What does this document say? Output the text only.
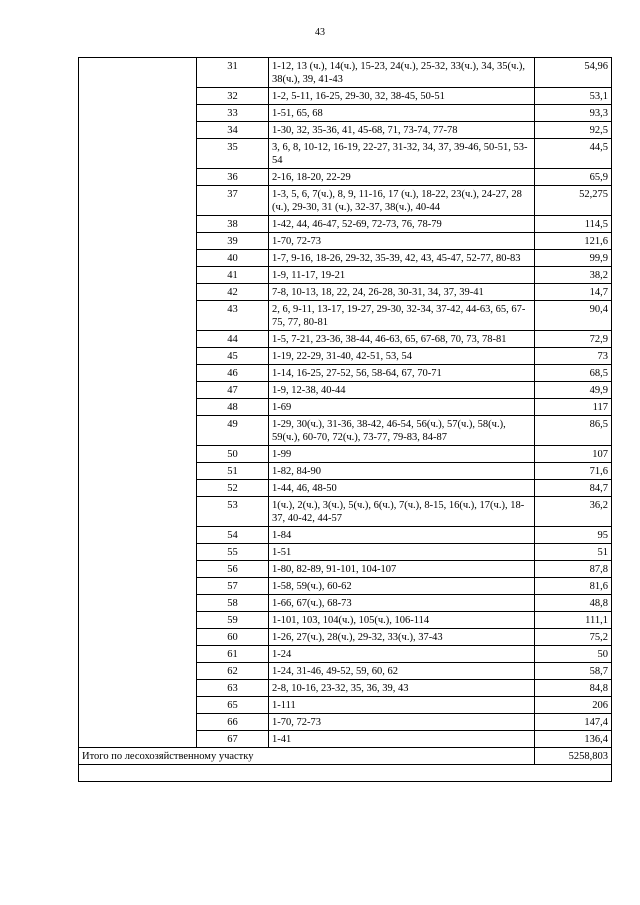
43
	31	1-12, 13 (ч.), 14(ч.), 15-23, 24(ч.), 25-32, 33(ч.), 34, 35(ч.), 38(ч.), 39, 41-43	54,96
	32	1-2, 5-11, 16-25, 29-30, 32, 38-45, 50-51	53,1
	33	1-51, 65, 68	93,3
	34	1-30, 32, 35-36, 41, 45-68, 71, 73-74, 77-78	92,5
	35	3, 6, 8, 10-12, 16-19, 22-27, 31-32, 34, 37, 39-46, 50-51, 53-54	44,5
	36	2-16, 18-20, 22-29	65,9
	37	1-3, 5, 6, 7(ч.), 8, 9, 11-16, 17 (ч.), 18-22, 23(ч.), 24-27, 28 (ч.), 29-30, 31 (ч.), 32-37, 38(ч.), 40-44	52,275
	38	1-42, 44, 46-47, 52-69, 72-73, 76, 78-79	114,5
	39	1-70, 72-73	121,6
	40	1-7, 9-16, 18-26, 29-32, 35-39, 42, 43, 45-47, 52-77, 80-83	99,9
	41	1-9, 11-17, 19-21	38,2
	42	7-8, 10-13, 18, 22, 24, 26-28, 30-31, 34, 37, 39-41	14,7
	43	2, 6, 9-11, 13-17, 19-27, 29-30, 32-34, 37-42, 44-63, 65, 67-75, 77, 80-81	90,4
	44	1-5, 7-21, 23-36, 38-44, 46-63, 65, 67-68, 70, 73, 78-81	72,9
	45	1-19, 22-29, 31-40, 42-51, 53, 54	73
	46	1-14, 16-25, 27-52, 56, 58-64, 67, 70-71	68,5
	47	1-9, 12-38, 40-44	49,9
	48	1-69	117
	49	1-29, 30(ч.), 31-36, 38-42, 46-54, 56(ч.), 57(ч.), 58(ч.), 59(ч.), 60-70, 72(ч.), 73-77, 79-83, 84-87	86,5
	50	1-99	107
	51	1-82, 84-90	71,6
	52	1-44, 46, 48-50	84,7
	53	1(ч.), 2(ч.), 3(ч.), 5(ч.), 6(ч.), 7(ч.), 8-15, 16(ч.), 17(ч.), 18-37, 40-42, 44-57	36,2
	54	1-84	95
	55	1-51	51
	56	1-80, 82-89, 91-101, 104-107	87,8
	57	1-58, 59(ч.), 60-62	81,6
	58	1-66, 67(ч.), 68-73	48,8
	59	1-101, 103, 104(ч.), 105(ч.), 106-114	111,1
	60	1-26, 27(ч.), 28(ч.), 29-32, 33(ч.), 37-43	75,2
	61	1-24	50
	62	1-24, 31-46, 49-52, 59, 60, 62	58,7
	63	2-8, 10-16, 23-32, 35, 36, 39, 43	84,8
	65	1-111	206
	66	1-70, 72-73	147,4
	67	1-41	136,4
Итого по лесохозяйственному участку			5258,803
